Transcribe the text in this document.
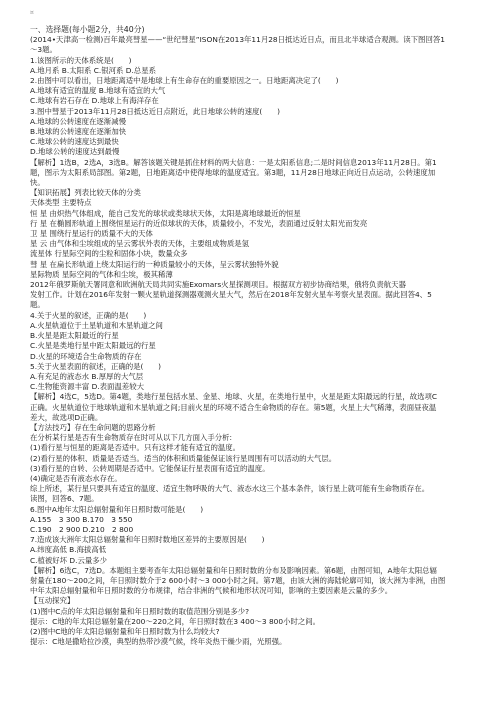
¤
一、选择题(每小题2分，共40分)
(2014•天津高一检测)百年最亮彗星——“世纪彗星”ISON在2013年11月28日抵达近日点，而且北半球适合观测。读下图回答1
～3题。
1.该图所示的天体系统是(　　)
A.地月系 B.太阳系 C.银河系 D.总星系
2.由图中可以看出，日地距离适中是地球上有生命存在的重要原因之一。日地距离决定了(　　)
A.地球有适宜的温度 B.地球有适宜的大气
C.地球有岩石存在 D.地球上有海洋存在
3.图中彗星于2013年11月28日抵达近日点附近，此日地球公转的速度(　　)
A.地球的公转速度在逐渐减慢
B.地球的公转速度在逐渐加快
C.地球公转的速度达到最快
D.地球公转的速度达到最慢
【解析】1选B，2选A，3选B。解答该题关键是抓住材料的两大信息：一是太阳系信息;二是时间信息2013年11月28日。第1
题，图示为太阳系局部图。第2题，日地距离适中使得地球的温度适宜。第3题，11月28日地球正向近日点运动，公转速度加
快。
【知识拓展】列表比较天体的分类
天体类型 主要特点
恒 星 由炽热气体组成，能自己发光的球状或类球状天体，太阳是离地球最近的恒星
行 星 在椭圆形轨道上围绕恒星运行的近似球状的天体，质量较小，不发光，表面通过反射太阳光而发亮
卫 星 围绕行星运行的质量不大的天体
星 云 由气体和尘埃组成的呈云雾状外表的天体，主要组成物质是氢
流星体 行星际空间的尘粒和固体小块，数量众多
彗 星 在扁长形轨道上绕太阳运行的一种质量较小的天体，呈云雾状独特外貌
星际物质 星际空间的气体和尘埃，极其稀薄
2012年俄罗斯航天署同意和欧洲航天局共同实施Exomars火星探测项目。根据双方初步协商结果，俄将负责航天器
发射工作。计划在2016年发射一颗火星轨道探测器观测火星大气，然后在2018年发射火星车考察火星表面。据此回答4、5
题。
4.关于火星的叙述，正确的是(　　)
A.火星轨道位于土星轨道和木星轨道之间
B.火星是距太阳最近的行星
C.火星是类地行星中距太阳最远的行星
D.火星的环境适合生命物质的存在
5.关于火星表面的叙述，正确的是(　　)
A.有充足的液态水 B.厚厚的大气层
C.生物能资源丰富 D.表面温差较大
【解析】4选C，5选D。第4题，类地行星包括水星、金星、地球、火星，在类地行星中，火星是距太阳最远的行星，故选项C
正确。火星轨道位于地球轨道和木星轨道之间;目前火星的环境不适合生命物质的存在。第5题，火星上大气稀薄，表面昼夜温
差大，故选项D正确。
【方法技巧】存在生命问题的思路分析
在分析某行星是否有生命物质存在时可从以下几方面入手分析:
(1)看行星与恒星的距离是否适中。只有这样才能有适宜的温度。
(2)看行星的体积、质量是否适当。适当的体积和质量能保证该行星周围有可以活动的大气层。
(3)看行星的自转、公转周期是否适中。它能保证行星表面有适宜的温度。
(4)确定是否有液态水存在。
综上所述，某行星只要具有适宜的温度、适宜生物呼吸的大气、液态水这三个基本条件，该行星上就可能有生命物质存在。
读图，回答6、7题。
6.图中A地年太阳总辐射量和年日照时数可能是(　　)
A.155　3 300 B.170　3 550
C.190　2 900 D.210　2 800
7.造成该大洲年太阳总辐射量和年日照时数地区差异的主要原因是(　　)
A.纬度高低 B.海拔高低
C.植被好坏 D.云量多少
【解析】6选C，7选D。本题组主要考查年太阳总辐射量和年日照时数的分布及影响因素。第6题，由图可知，A地年太阳总辐
射量在180～200之间，年日照时数介于2 600小时～3 000小时之间。第7题，由该大洲的海陆轮廓可知，该大洲为非洲，由图
中年太阳总辐射量和年日照时数的分布规律，结合非洲的气候和地形状况可知，影响的主要因素是云量的多少。
【互动探究】
(1)图中C点的年太阳总辐射量和年日照时数的取值范围分别是多少?
提示：C地的年太阳总辐射量在200～220之间，年日照时数在3 400～3 800小时之间。
(2)图中C地的年太阳总辐射量和年日照时数为什么均较大?
提示：C地是撒哈拉沙漠，典型的热带沙漠气候，终年炎热干燥少雨，光照强。
